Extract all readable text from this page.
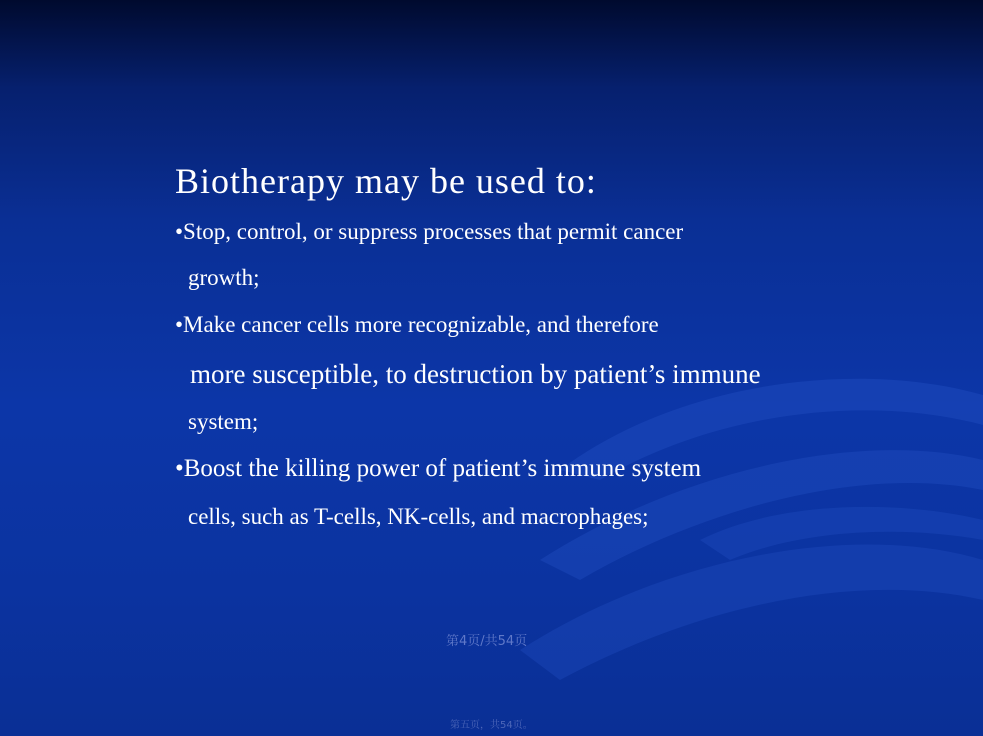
Biotherapy may be used to:

•Stop, control, or suppress processes that permit cancer

growth;

•Make cancer cells more recognizable, and therefore

more susceptible, to destruction by patient’s immune

system;

•Boost the killing power of patient’s immune system

cells, such as T-cells, NK-cells, and macrophages;

第4页/共54页
第五页，共54页。
